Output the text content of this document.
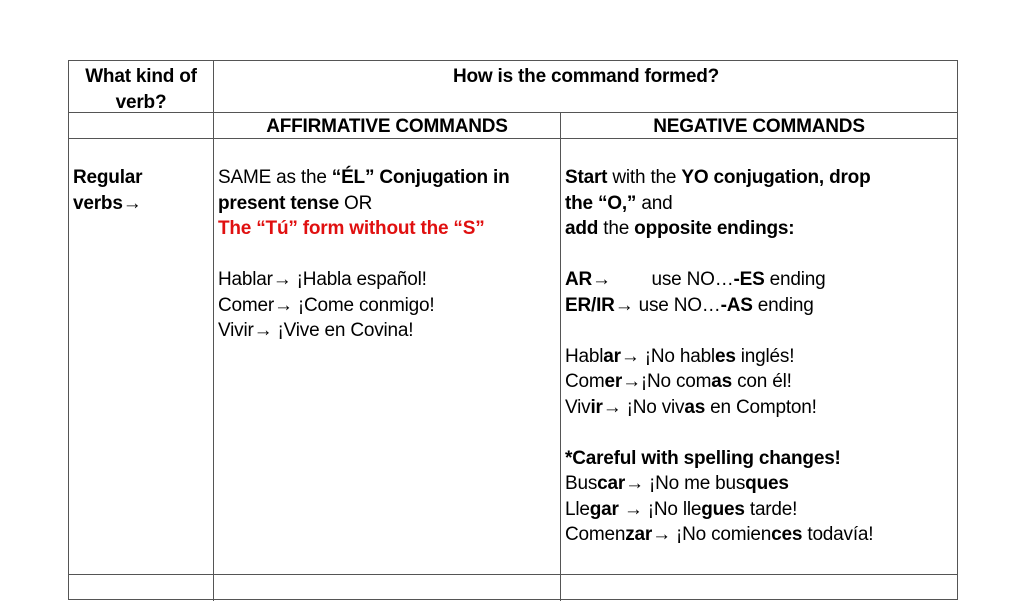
What kind of verb?
How is the command formed?
AFFIRMATIVE COMMANDS	NEGATIVE COMMANDS
Regular
verbs→
SAME as the “ÉL” Conjugation in
present tense OR
The “Tú” form without the “S”
Hablar→ ¡Habla español!
Comer→ ¡Come conmigo!
Vivir→ ¡Vive en Covina!
Start with the YO conjugation, drop
the “O,” and
add the opposite endings:
AR→        use NO…-ES ending
ER/IR→ use NO…-AS ending
Hablar→ ¡No hables inglés!
Comer→¡No comas con él!
Vivir→ ¡No vivas en Compton!
*Careful with spelling changes!
Buscar→ ¡No me busques
Llegar → ¡No llegues tarde!
Comenzar→ ¡No comiences todavía!
